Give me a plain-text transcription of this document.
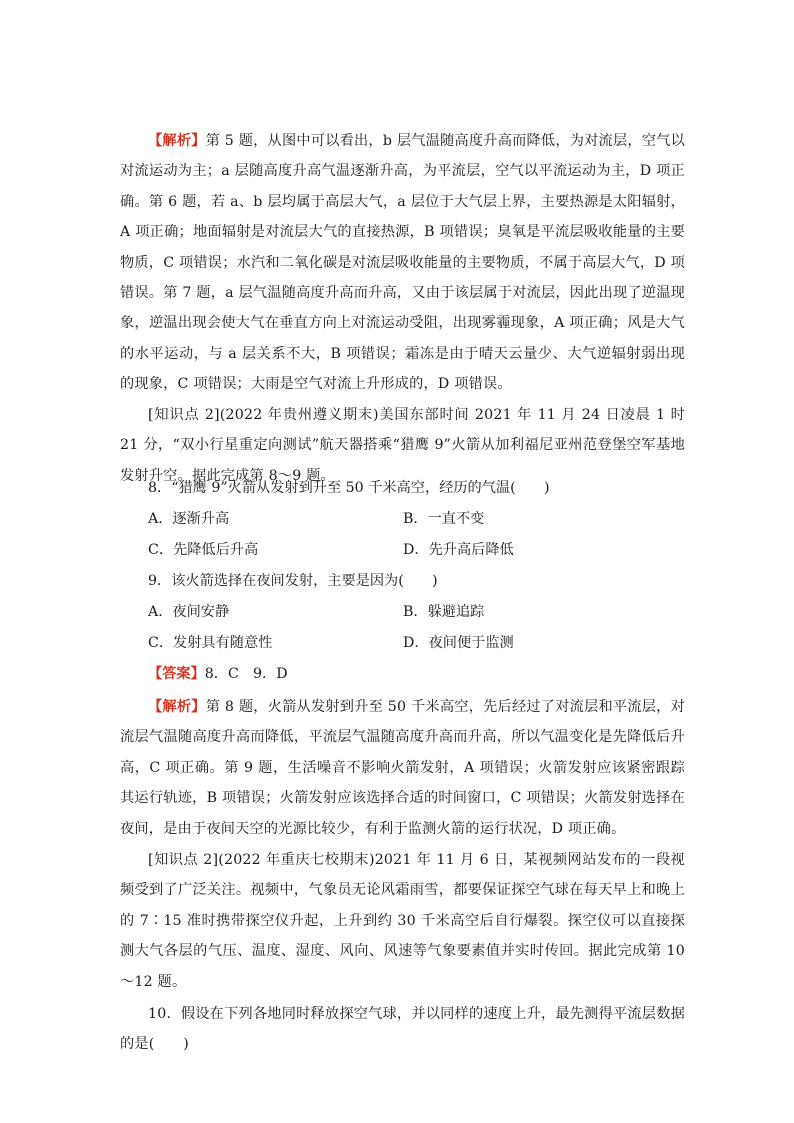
【解析】第 5 题，从图中可以看出，b 层气温随高度升高而降低，为对流层，空气以对流运动为主；a 层随高度升高气温逐渐升高，为平流层，空气以平流运动为主，D 项正确。第 6 题，若 a、b 层均属于高层大气，a 层位于大气层上界，主要热源是太阳辐射，A 项正确；地面辐射是对流层大气的直接热源，B 项错误；臭氧是平流层吸收能量的主要物质，C 项错误；水汽和二氧化碳是对流层吸收能量的主要物质，不属于高层大气，D 项错误。第 7 题，a 层气温随高度升高而升高，又由于该层属于对流层，因此出现了逆温现象，逆温出现会使大气在垂直方向上对流运动受阻，出现雾霾现象，A 项正确；风是大气的水平运动，与 a 层关系不大，B 项错误；霜冻是由于晴天云量少、大气逆辐射弱出现的现象，C 项错误；大雨是空气对流上升形成的，D 项错误。

[知识点 2](2022 年贵州遵义期末)美国东部时间 2021 年 11 月 24 日凌晨 1 时 21 分，“双小行星重定向测试”航天器搭乘“猎鹰 9”火箭从加利福尼亚州范登堡空军基地发射升空。据此完成第 8～9 题。

8．“猎鹰 9”火箭从发射到升至 50 千米高空，经历的气温(　　)
A．逐渐升高	B．一直不变
C．先降低后升高	D．先升高后降低
9．该火箭选择在夜间发射，主要是因为(　　)
A．夜间安静	B．躲避追踪
C．发射具有随意性	D．夜间便于监测
【答案】8．C　9．D

【解析】第 8 题，火箭从发射到升至 50 千米高空，先后经过了对流层和平流层，对流层气温随高度升高而降低，平流层气温随高度升高而升高，所以气温变化是先降低后升高，C 项正确。第 9 题，生活噪音不影响火箭发射，A 项错误；火箭发射应该紧密跟踪其运行轨迹，B 项错误；火箭发射应该选择合适的时间窗口，C 项错误；火箭发射选择在夜间，是由于夜间天空的光源比较少，有利于监测火箭的运行状况，D 项正确。

[知识点 2](2022 年重庆七校期末)2021 年 11 月 6 日，某视频网站发布的一段视频受到了广泛关注。视频中，气象员无论风霜雨雪，都要保证探空气球在每天早上和晚上的 7∶15 准时携带探空仪升起，上升到约 30 千米高空后自行爆裂。探空仪可以直接探测大气各层的气压、温度、湿度、风向、风速等气象要素值并实时传回。据此完成第 10～12 题。

10．假设在下列各地同时释放探空气球，并以同样的速度上升，最先测得平流层数据的是(　　)
